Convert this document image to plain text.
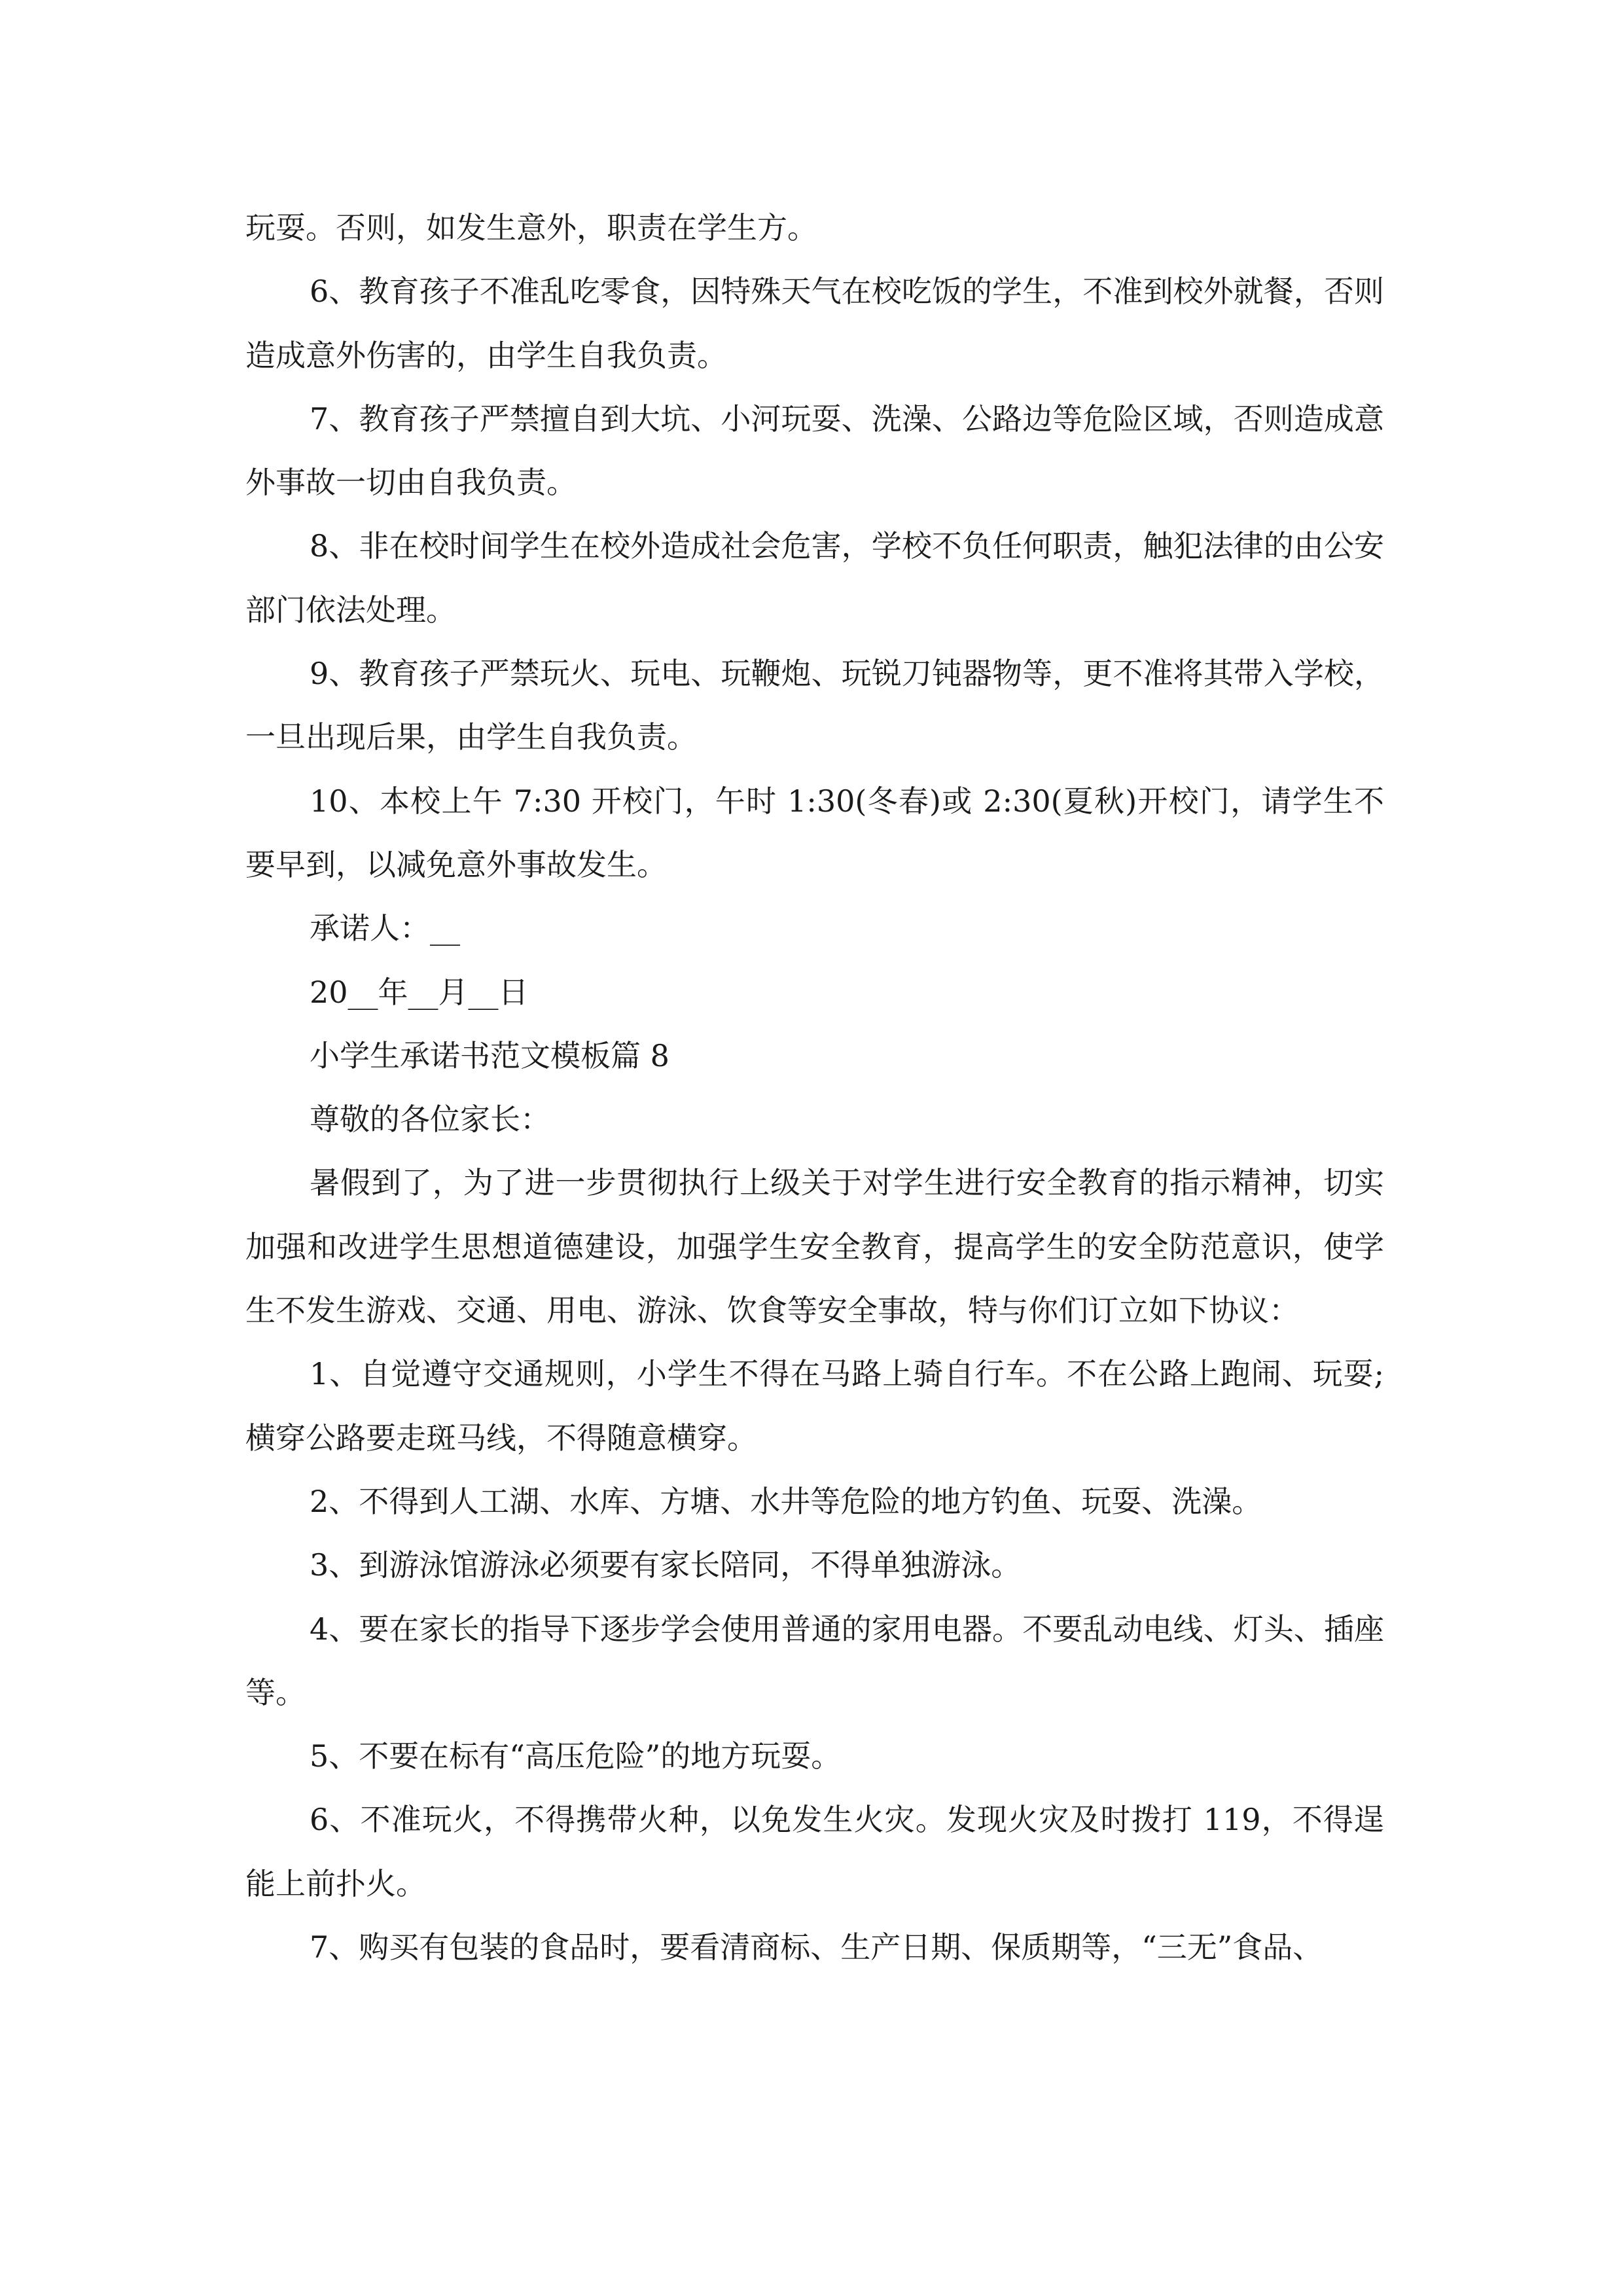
玩耍。否则，如发生意外，职责在学生方。

6、教育孩子不准乱吃零食，因特殊天气在校吃饭的学生，不准到校外就餐，否则造成意外伤害的，由学生自我负责。

7、教育孩子严禁擅自到大坑、小河玩耍、洗澡、公路边等危险区域，否则造成意外事故一切由自我负责。

8、非在校时间学生在校外造成社会危害，学校不负任何职责，触犯法律的由公安部门依法处理。

9、教育孩子严禁玩火、玩电、玩鞭炮、玩锐刀钝器物等，更不准将其带入学校，一旦出现后果，由学生自我负责。

10、本校上午 7:30 开校门，午时 1:30(冬春)或 2:30(夏秋)开校门，请学生不要早到，以减免意外事故发生。

承诺人：__

20__年__月__日

小学生承诺书范文模板篇 8

尊敬的各位家长：

暑假到了，为了进一步贯彻执行上级关于对学生进行安全教育的指示精神，切实加强和改进学生思想道德建设，加强学生安全教育，提高学生的安全防范意识，使学生不发生游戏、交通、用电、游泳、饮食等安全事故，特与你们订立如下协议：

1、自觉遵守交通规则，小学生不得在马路上骑自行车。不在公路上跑闹、玩耍;横穿公路要走斑马线，不得随意横穿。

2、不得到人工湖、水库、方塘、水井等危险的地方钓鱼、玩耍、洗澡。

3、到游泳馆游泳必须要有家长陪同，不得单独游泳。

4、要在家长的指导下逐步学会使用普通的家用电器。不要乱动电线、灯头、插座等。

5、不要在标有“高压危险”的地方玩耍。

6、不准玩火，不得携带火种，以免发生火灾。发现火灾及时拨打 119，不得逞能上前扑火。

7、购买有包装的食品时，要看清商标、生产日期、保质期等，“三无”食品、
